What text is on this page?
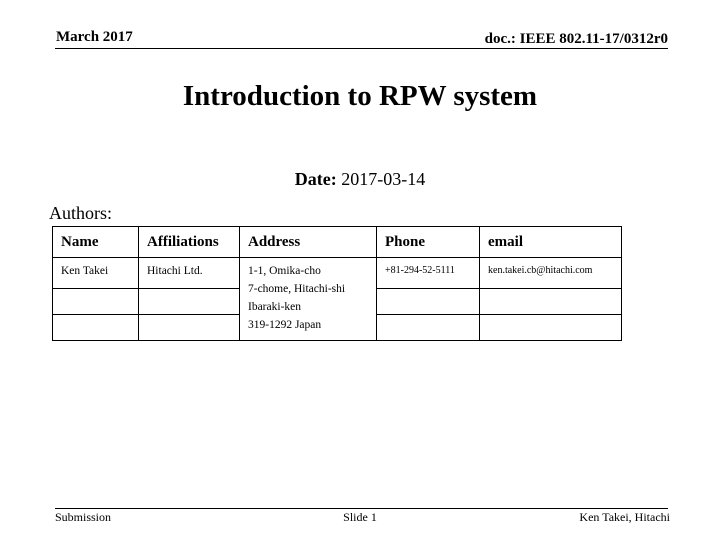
March 2017	doc.: IEEE 802.11-17/0312r0
Introduction to RPW system
Date: 2017-03-14
Authors:
Name	Affiliations	Address	Phone	email
Ken Takei	Hitachi Ltd.	1-1, Omika-cho
7-chome, Hitachi-shi
Ibaraki-ken
319-1292 Japan	+81-294-52-5111	ken.takei.cb@hitachi.com

Submission	Slide 1	Ken Takei, Hitachi
